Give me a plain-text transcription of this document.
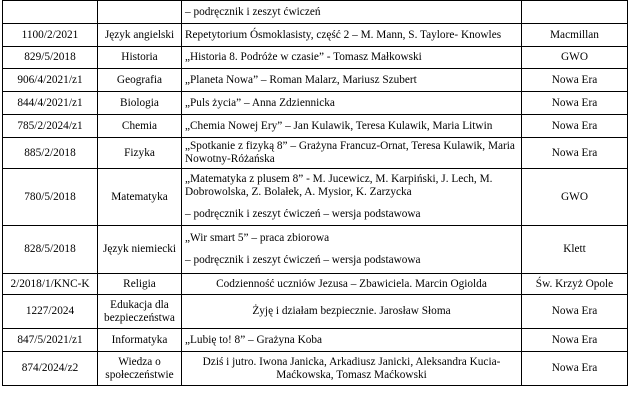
		– podręcznik i zeszyt ćwiczeń	

1100/2/2021	Język angielski	Repetytorium Ósmoklasisty, część 2 – M. Mann, S. Taylore- Knowles	Macmillan
829/5/2018	Historia	„Historia 8. Podróże w czasie” - Tomasz Małkowski	GWO
906/4/2021/z1	Geografia	„Planeta Nowa” – Roman Malarz, Mariusz Szubert	Nowa Era
844/4/2021/z1	Biologia	„Puls życia” – Anna Zdziennicka	Nowa Era
785/2/2024/z1	Chemia	„Chemia Nowej Ery” – Jan Kulawik, Teresa Kulawik, Maria Litwin	Nowa Era
885/2/2018	Fizyka	„Spotkanie z fizyką 8” – Grażyna Francuz-Ornat, Teresa Kulawik, Maria
Nowotny-Różańska	Nowa Era
780/5/2018	Matematyka	„Matematyka z plusem 8” - M. Jucewicz, M. Karpiński, J. Lech, M.
Dobrowolska, Z. Bolałek, A. Mysior, K. Zarzycka
– podręcznik i zeszyt ćwiczeń – wersja podstawowa	GWO
828/5/2018	Język niemiecki	„Wir smart 5” – praca zbiorowa
– podręcznik i zeszyt ćwiczeń – wersja podstawowa	Klett
2/2018/1/KNC-K	Religia	Codzienność uczniów Jezusa – Zbawiciela. Marcin Ogiolda	Św. Krzyż Opole
1227/2024	Edukacja dla bezpieczeństwa	Żyję i działam bezpiecznie. Jarosław Słoma	Nowa Era
847/5/2021/z1	Informatyka	„Lubię to! 8” – Grażyna Koba	Nowa Era
874/2024/z2	Wiedza o społeczeństwie	Dziś i jutro. Iwona Janicka, Arkadiusz Janicki, Aleksandra Kucia-
Maćkowska, Tomasz Maćkowski	Nowa Era
